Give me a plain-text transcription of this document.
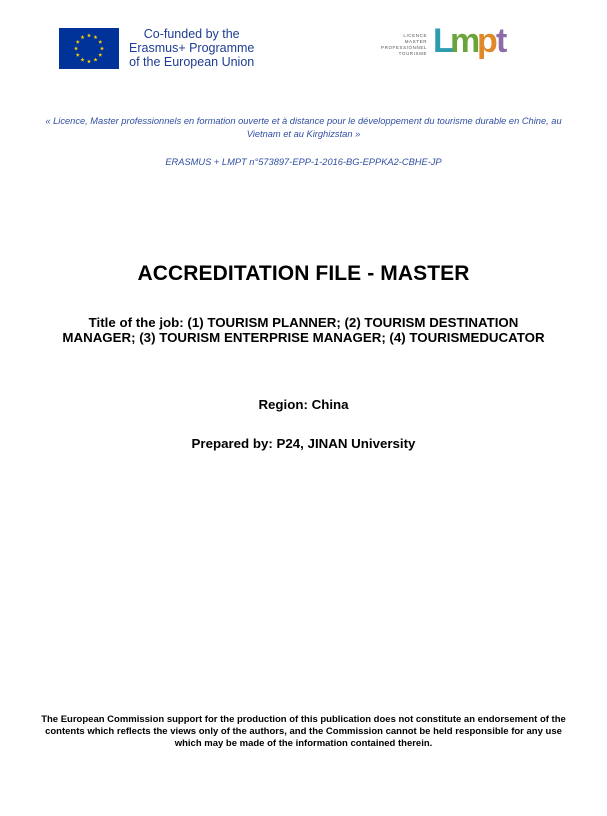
Co-funded by the
Erasmus+ Programme
of the European Union
LICENCE
MASTER
PROFESSIONNEL
TOURISME L
m
p
t
« Licence, Master professionnels en formation ouverte et à distance pour le développement du tourisme durable en Chine, au Vietnam et au Kirghizstan »
ERASMUS + LMPT n°573897-EPP-1-2016-BG-EPPKA2-CBHE-JP
ACCREDITATION FILE - MASTER
Title of the job: (1) TOURISM PLANNER; (2) TOURISM DESTINATION MANAGER; (3) TOURISM ENTERPRISE MANAGER; (4) TOURISMEDUCATOR
Region: China
Prepared by: P24, JINAN University
The European Commission support for the production of this publication does not constitute an endorsement of the contents which reflects the views only of the authors, and the Commission cannot be held responsible for any use which may be made of the information contained therein.
